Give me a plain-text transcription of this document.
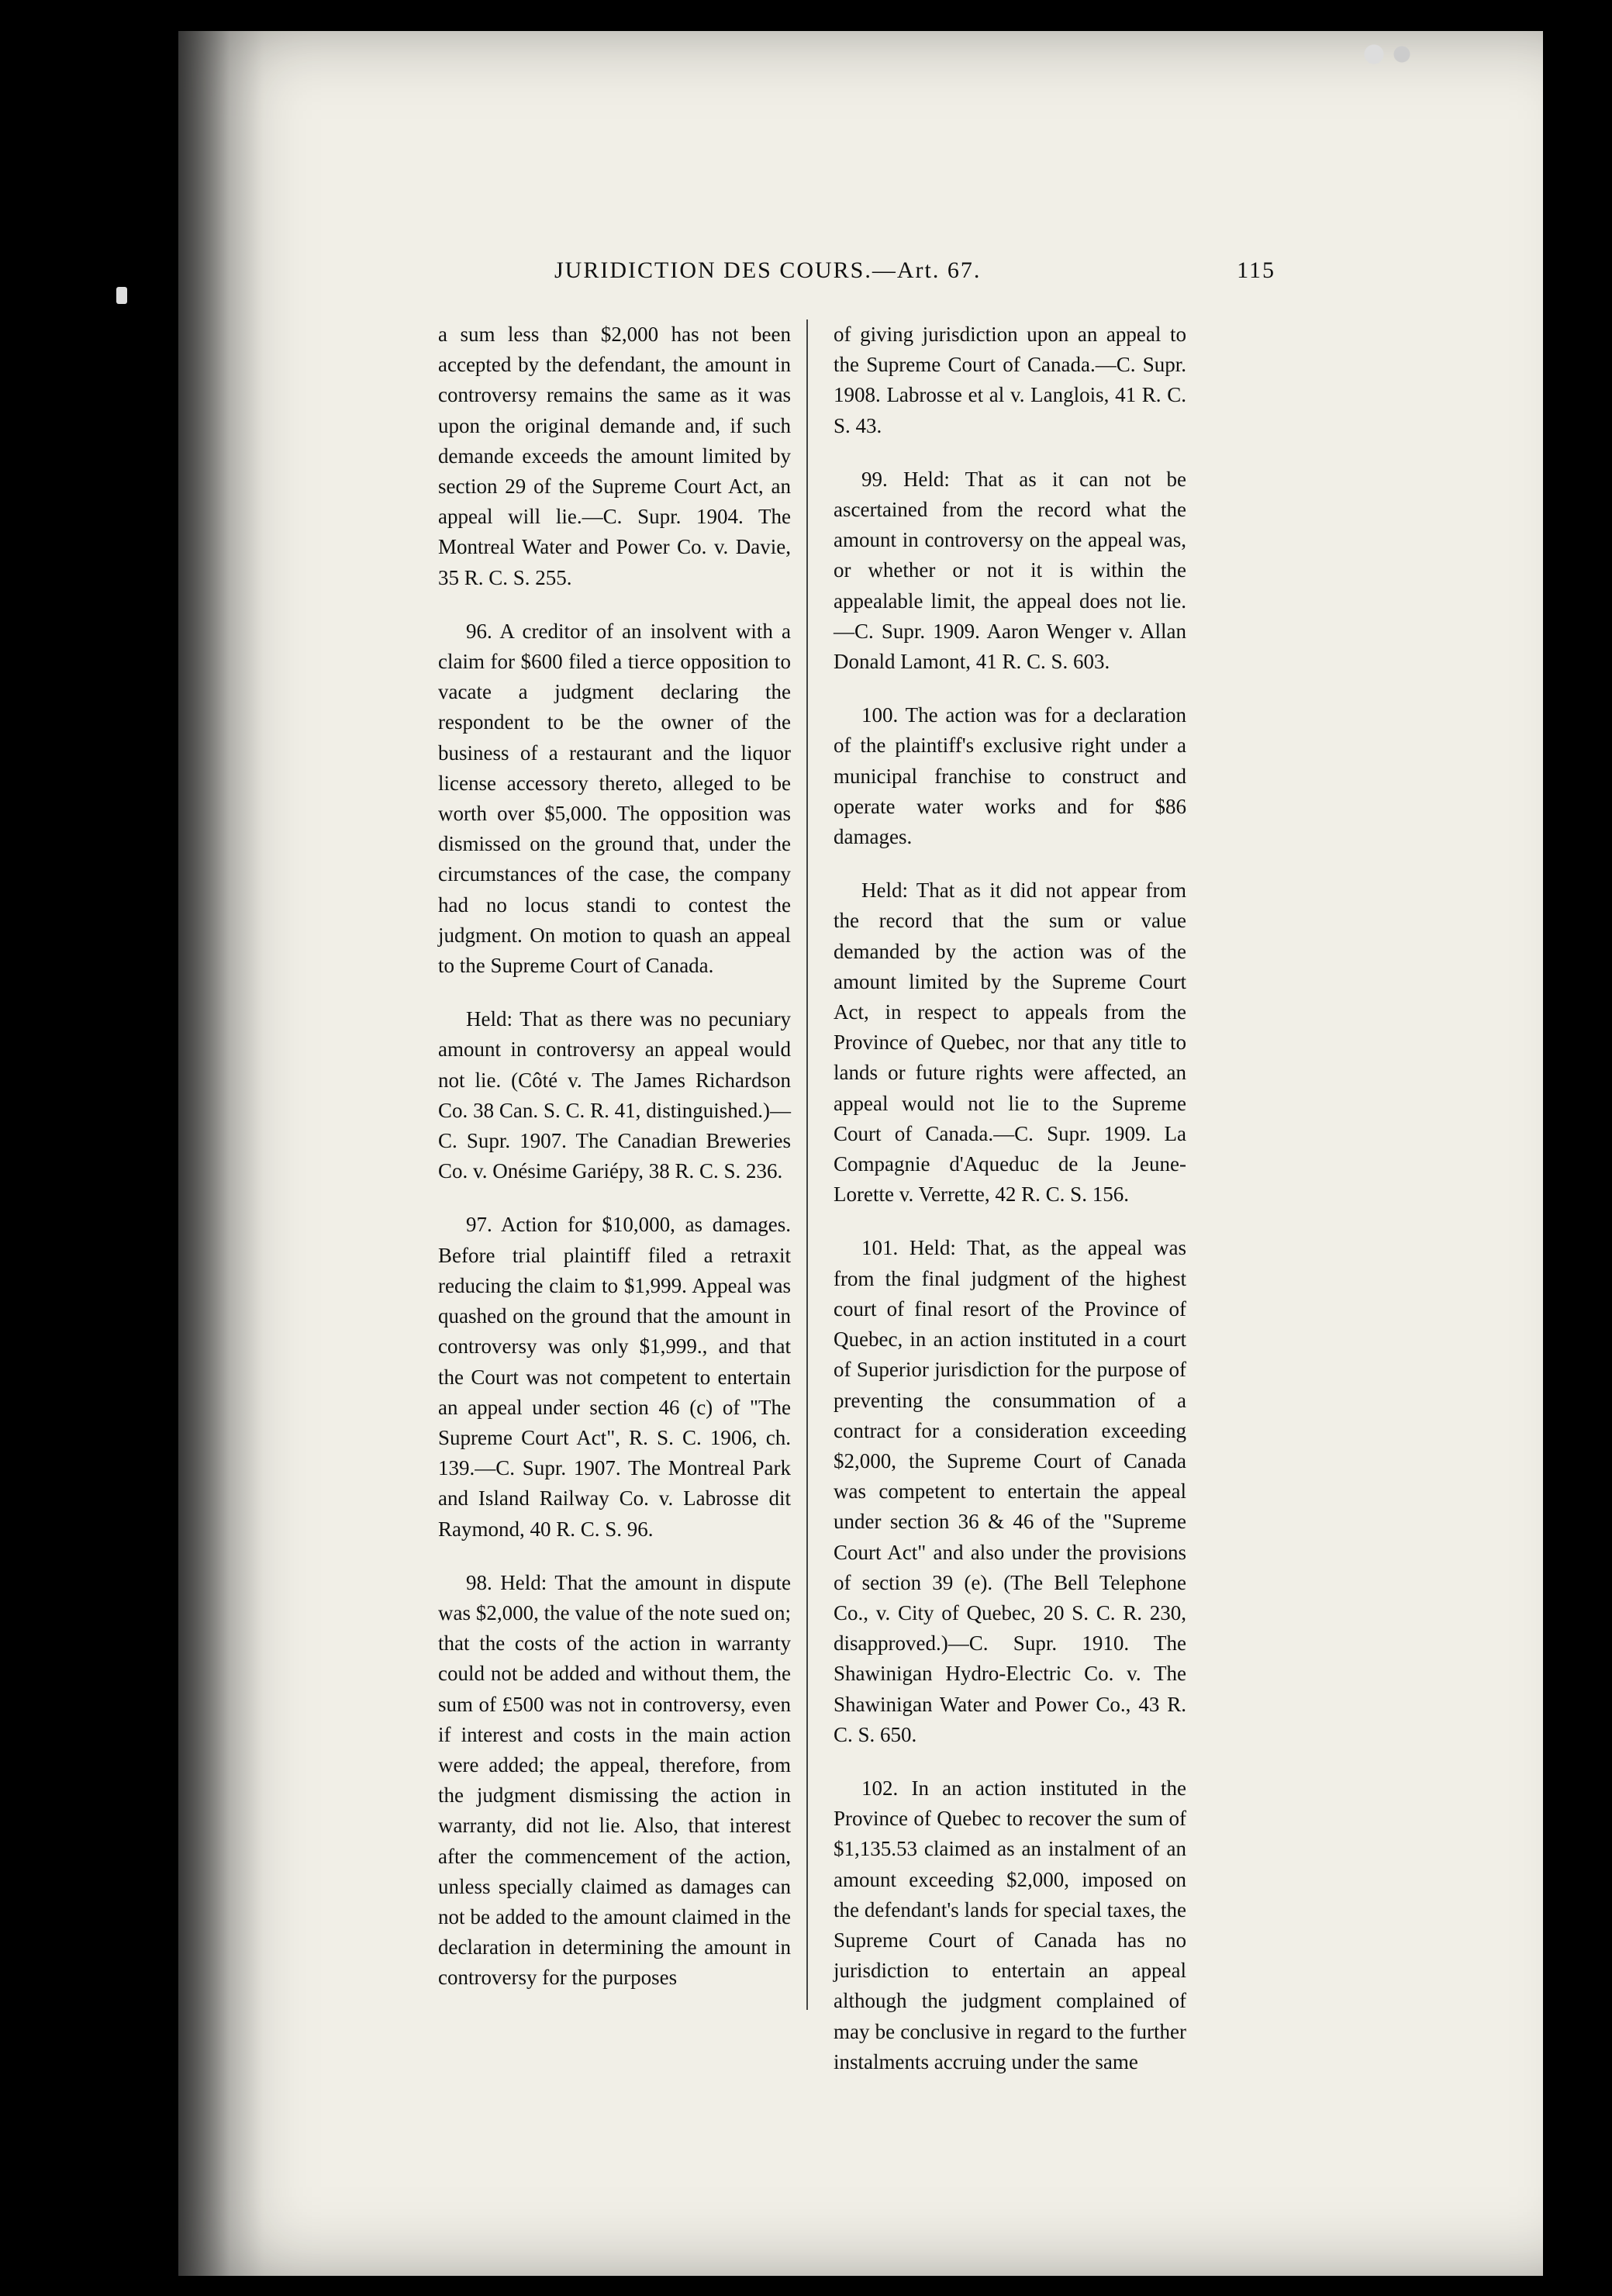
JURIDICTION DES COURS.—Art. 67.	115

a sum less than $2,000 has not been accepted by the defendant, the amount in controversy remains the same as it was upon the original demande and, if such demande exceeds the amount limited by section 29 of the Supreme Court Act, an appeal will lie.—C. Supr. 1904. The Montreal Water and Power Co. v. Davie, 35 R. C. S. 255.

96. A creditor of an insolvent with a claim for $600 filed a tierce opposition to vacate a judgment declaring the respondent to be the owner of the business of a restaurant and the liquor license accessory thereto, alleged to be worth over $5,000. The opposition was dismissed on the ground that, under the circumstances of the case, the company had no locus standi to contest the judgment. On motion to quash an appeal to the Supreme Court of Canada.

Held: That as there was no pecuniary amount in controversy an appeal would not lie. (Côté v. The James Richardson Co. 38 Can. S. C. R. 41, distinguished.)—C. Supr. 1907. The Canadian Breweries Co. v. Onésime Gariépy, 38 R. C. S. 236.

97. Action for $10,000, as damages. Before trial plaintiff filed a retraxit reducing the claim to $1,999. Appeal was quashed on the ground that the amount in controversy was only $1,999., and that the Court was not competent to entertain an appeal under section 46 (c) of "The Supreme Court Act", R. S. C. 1906, ch. 139.—C. Supr. 1907. The Montreal Park and Island Railway Co. v. Labrosse dit Raymond, 40 R. C. S. 96.

98. Held: That the amount in dispute was $2,000, the value of the note sued on; that the costs of the action in warranty could not be added and without them, the sum of £500 was not in controversy, even if interest and costs in the main action were added; the appeal, therefore, from the judgment dismissing the action in warranty, did not lie. Also, that interest after the commencement of the action, unless specially claimed as damages can not be added to the amount claimed in the declaration in determining the amount in controversy for the purposes

of giving jurisdiction upon an appeal to the Supreme Court of Canada.—C. Supr. 1908. Labrosse et al v. Langlois, 41 R. C. S. 43.

99. Held: That as it can not be ascertained from the record what the amount in controversy on the appeal was, or whether or not it is within the appealable limit, the appeal does not lie.—C. Supr. 1909. Aaron Wenger v. Allan Donald Lamont, 41 R. C. S. 603.

100. The action was for a declaration of the plaintiff's exclusive right under a municipal franchise to construct and operate water works and for $86 damages.

Held: That as it did not appear from the record that the sum or value demanded by the action was of the amount limited by the Supreme Court Act, in respect to appeals from the Province of Quebec, nor that any title to lands or future rights were affected, an appeal would not lie to the Supreme Court of Canada.—C. Supr. 1909. La Compagnie d'Aqueduc de la Jeune-Lorette v. Verrette, 42 R. C. S. 156.

101. Held: That, as the appeal was from the final judgment of the highest court of final resort of the Province of Quebec, in an action instituted in a court of Superior jurisdiction for the purpose of preventing the consummation of a contract for a consideration exceeding $2,000, the Supreme Court of Canada was competent to entertain the appeal under section 36 & 46 of the "Supreme Court Act" and also under the provisions of section 39 (e). (The Bell Telephone Co., v. City of Quebec, 20 S. C. R. 230, disapproved.)—C. Supr. 1910. The Shawinigan Hydro-Electric Co. v. The Shawinigan Water and Power Co., 43 R. C. S. 650.

102. In an action instituted in the Province of Quebec to recover the sum of $1,135.53 claimed as an instalment of an amount exceeding $2,000, imposed on the defendant's lands for special taxes, the Supreme Court of Canada has no jurisdiction to entertain an appeal although the judgment complained of may be conclusive in regard to the further instalments accruing under the same
